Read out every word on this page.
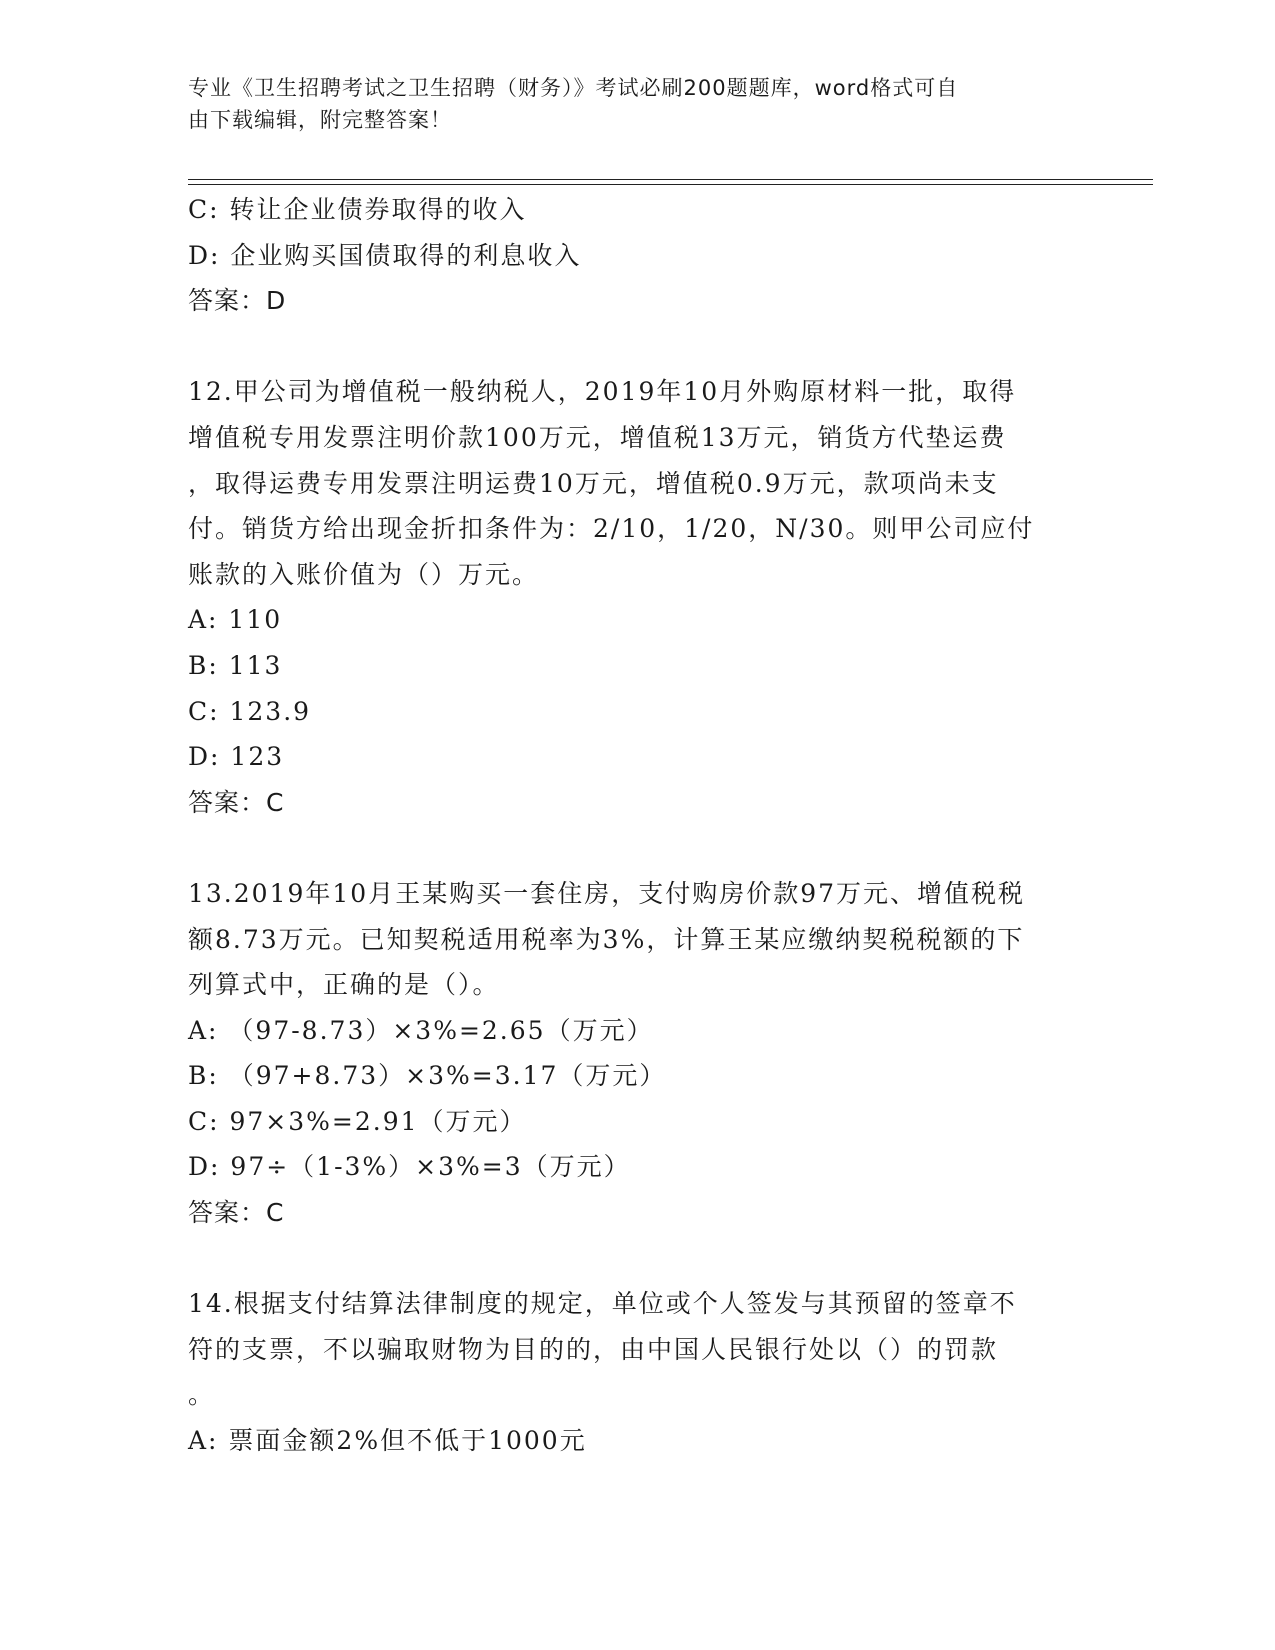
专业《卫生招聘考试之卫生招聘（财务）》考试必刷200题题库，word格式可自
由下载编辑，附完整答案！
C: 转让企业债券取得的收入
D: 企业购买国债取得的利息收入
答案：D
12.甲公司为增值税一般纳税人，2019年10月外购原材料一批，取得
增值税专用发票注明价款100万元，增值税13万元，销货方代垫运费
，取得运费专用发票注明运费10万元，增值税0.9万元，款项尚未支
付。销货方给出现金折扣条件为：2/10，1/20，N/30。则甲公司应付
账款的入账价值为（）万元。
A: 110
B: 113
C: 123.9
D: 123
答案：C
13.2019年10月王某购买一套住房，支付购房价款97万元、增值税税
额8.73万元。已知契税适用税率为3%，计算王某应缴纳契税税额的下
列算式中，正确的是（）。
A: （97-8.73）×3%=2.65（万元）
B: （97+8.73）×3%=3.17（万元）
C: 97×3%=2.91（万元）
D: 97÷（1-3%）×3%=3（万元）
答案：C
14.根据支付结算法律制度的规定，单位或个人签发与其预留的签章不
符的支票，不以骗取财物为目的的，由中国人民银行处以（）的罚款
。
A: 票面金额2%但不低于1000元
